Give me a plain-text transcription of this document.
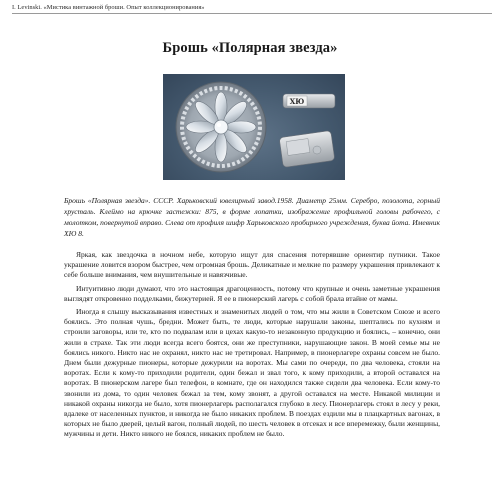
I. Levinski. «Мистика винтажной броши. Опыт коллекционирования»
Брошь «Полярная звезда»
ХЮ
Брошь «Полярная звезда». СССР. Харьковский ювелирный завод.1958. Диаметр 25мм. Серебро, позолота, горный хрусталь. Клеймо на крючке застежки: 875, в форме лопатки, изображение профильной головы рабочего, с молотком, повернутой вправо. Слева от профиля шифр Харьковского пробирного учреждения, буква йота. Имевник ХЮ 8.

Яркая, как звездочка в ночном небе, которую ищут для спасения потерявшие ориентир путники. Такое украшение ловится взором быстрее, чем огромная брошь. Деликатные и мелкие по размеру украшения привлекают к себе больше внимания, чем внушительные и навязчивые.

Интуитивно люди думают, что это настоящая драгоценность, потому что крупные и очень заметные украшения выглядят откровенно подделками, бижутерией. Я ее в пионерский лагерь с собой брала втайне от мамы.

Иногда я слышу высказывания известных и знаменитых людей о том, что мы жили в Советском Союзе и всего боялись. Это полная чушь, бредни. Может быть, те люди, которые нарушали законы, шептались по кухням и строили заговоры, или те, кто по подвалам или в цехах какую-то незаконную продукцию и боялись, – конечно, они жили в страхе. Так эти люди всегда всего боятся, они же преступники, нарушающие закон. В моей семье мы не боялись никого. Никто нас не охранял, никто нас не третировал. Например, в пионерлагере охраны совсем не было. Днем были дежурные пионеры, которые дежурили на воротах. Мы сами по очереди, по два человека, стояли на воротах. Если к кому-то приходили родители, один бежал и звал того, к кому приходили, а второй оставался на воротах. В пионерском лагере был телефон, в комнате, где он находился также сидели два человека. Если кому-то звонили из дома, то один человек бежал за тем, кому звонят, а другой оставался на месте. Никакой милиции и никакой охраны никогда не было, хотя пионерлагерь располагался глубоко в лесу. Пионерлагерь стоял в лесу у реки, вдалеке от населенных пунктов, и никогда не было никаких проблем. В поездах ездили мы в плацкартных вагонах, в которых не было дверей, целый вагон, полный людей, по шесть человек в отсеках и все вперемежку, были женщины, мужчины и дети. Никто никого не боялся, никаких проблем не было.
